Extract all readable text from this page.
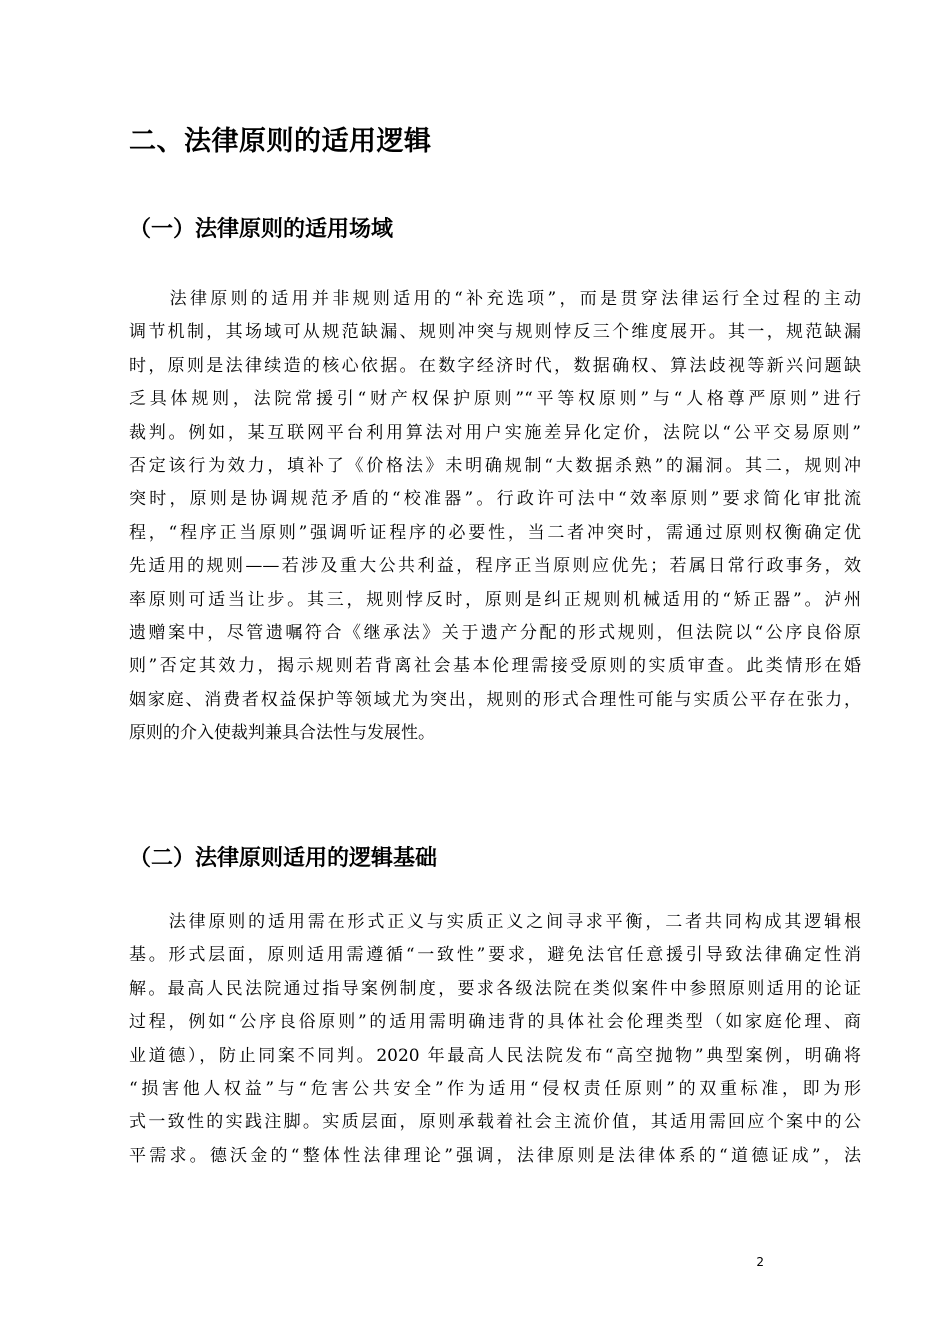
二、法律原则的适用逻辑
（一）法律原则的适用场域
　　法律原则的适用并非规则适用的“补充选项”，而是贯穿法律运行全过程的主动
调节机制，其场域可从规范缺漏、规则冲突与规则悖反三个维度展开。其一，规范缺漏
时，原则是法律续造的核心依据。在数字经济时代，数据确权、算法歧视等新兴问题缺
乏具体规则，法院常援引“财产权保护原则”“平等权原则”与“人格尊严原则”进行
裁判。例如，某互联网平台利用算法对用户实施差异化定价，法院以“公平交易原则”
否定该行为效力，填补了《价格法》未明确规制“大数据杀熟”的漏洞。其二，规则冲
突时，原则是协调规范矛盾的“校准器”。行政许可法中“效率原则”要求简化审批流
程，“程序正当原则”强调听证程序的必要性，当二者冲突时，需通过原则权衡确定优
先适用的规则——若涉及重大公共利益，程序正当原则应优先；若属日常行政事务，效
率原则可适当让步。其三，规则悖反时，原则是纠正规则机械适用的“矫正器”。泸州
遗赠案中，尽管遗嘱符合《继承法》关于遗产分配的形式规则，但法院以“公序良俗原
则”否定其效力，揭示规则若背离社会基本伦理需接受原则的实质审查。此类情形在婚
姻家庭、消费者权益保护等领域尤为突出，规则的形式合理性可能与实质公平存在张力，
原则的介入使裁判兼具合法性与发展性。
（二）法律原则适用的逻辑基础
　　法律原则的适用需在形式正义与实质正义之间寻求平衡，二者共同构成其逻辑根
基。形式层面，原则适用需遵循“一致性”要求，避免法官任意援引导致法律确定性消
解。最高人民法院通过指导案例制度，要求各级法院在类似案件中参照原则适用的论证
过程，例如“公序良俗原则”的适用需明确违背的具体社会伦理类型（如家庭伦理、商
业道德），防止同案不同判。2020 年最高人民法院发布“高空抛物”典型案例，明确将
“损害他人权益”与“危害公共安全”作为适用“侵权责任原则”的双重标准，即为形
式一致性的实践注脚。实质层面，原则承载着社会主流价值，其适用需回应个案中的公
平需求。德沃金的“整体性法律理论”强调，法律原则是法律体系的“道德证成”，法
2
